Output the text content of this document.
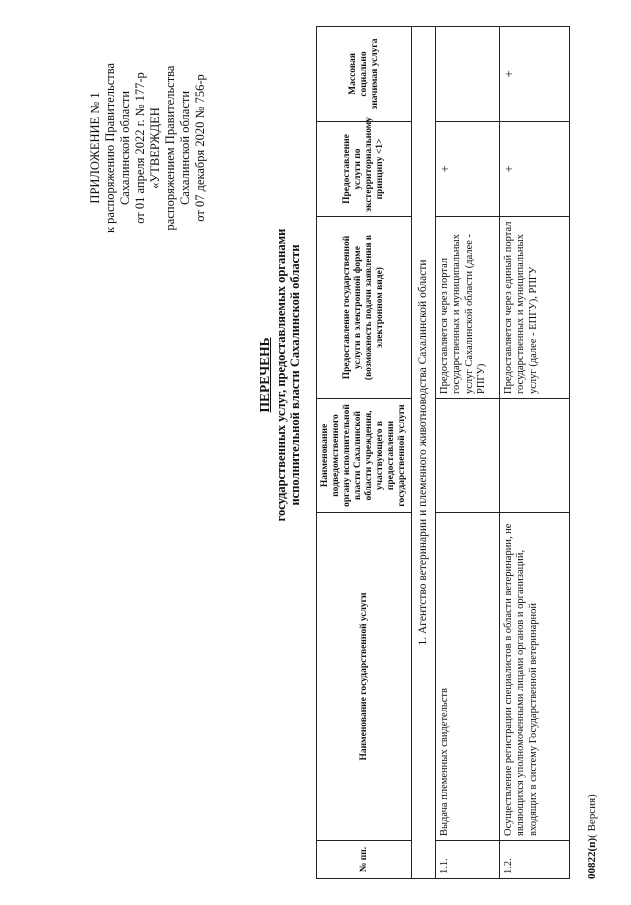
ПРИЛОЖЕНИЕ № 1 к распоряжению Правительства Сахалинской области от 01 апреля 2022 г. № 177-р «УТВЕРЖДЕН распоряжением Правительства Сахалинской области от 07 декабря 2020 № 756-р
ПЕРЕЧЕНЬ государственных услуг, предоставляемых органами исполнительной власти Сахалинской области
№ пп.	Наименование государственной услуги	Наименование подведомственного органу исполнительной власти Сахалинской области учреждения, участвующего в предоставлении государственной услуги	Предоставление государственной услуги в электронной форме (возможность подачи заявления в электронном виде)	Предоставление услуги по экстерриториальному принципу <1>	Массовая социально значимая услуга
1. Агентство ветеринарии и племенного животноводства Сахалинской области					
1.1.	Выдача племенных свидетельств		Предоставляется через портал государственных и муниципальных услуг Сахалинской области (далее - РПГУ)	+	
1.2.	Осуществление регистрации специалистов в области ветеринарии, не являющихся уполномоченными лицами органов и организаций, входящих в систему Государственной ветеринарной		Предоставляется через единый портал государственных и муниципальных услуг (далее - ЕПГУ), РПГУ	+	+
00822(п)( Версия)
